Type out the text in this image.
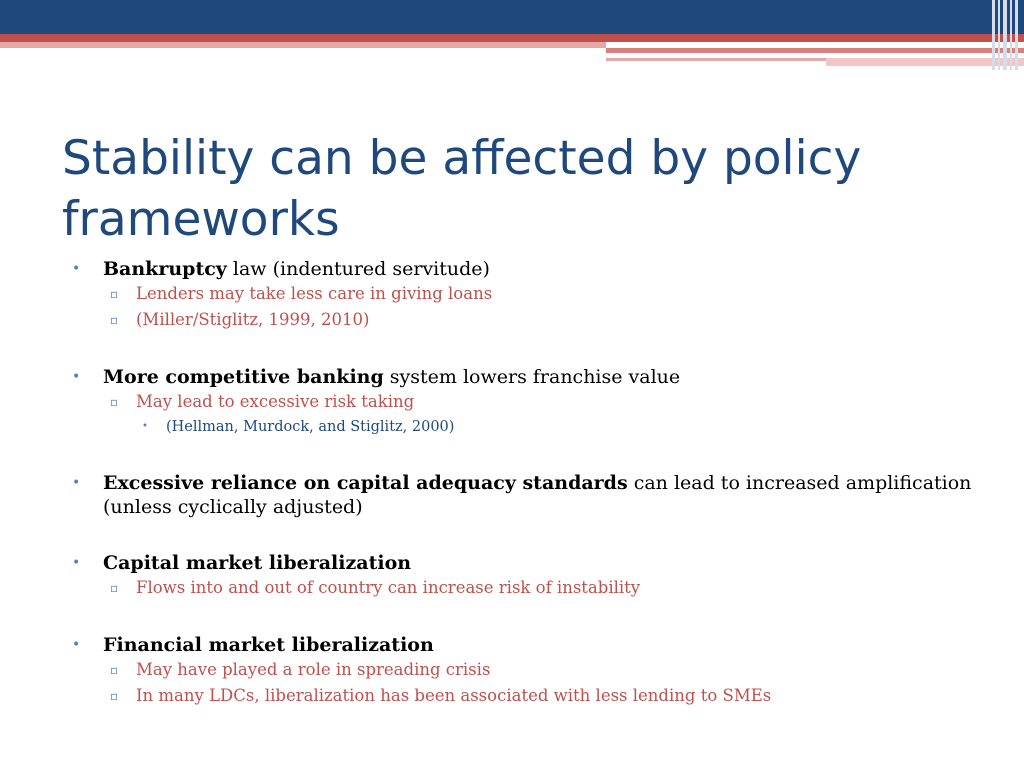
Stability can be affected by policy frameworks
• Bankruptcy law (indentured servitude)
▫ Lenders may take less care in giving loans
▫ (Miller/Stiglitz, 1999, 2010)
• More competitive banking system lowers franchise value
▫ May lead to excessive risk taking
• (Hellman, Murdock, and Stiglitz, 2000)
• Excessive reliance on capital adequacy standards can lead to increased amplification (unless cyclically adjusted)
• Capital market liberalization
▫ Flows into and out of country can increase risk of instability
• Financial market liberalization
▫ May have played a role in spreading crisis
▫ In many LDCs, liberalization has been associated with less lending to SMEs
